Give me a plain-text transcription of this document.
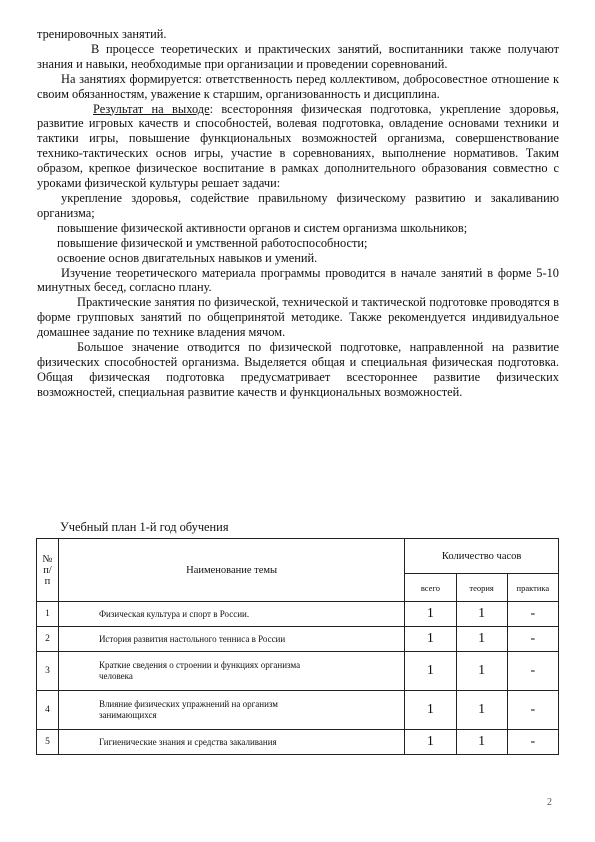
тренировочных занятий.

В процессе теоретических и практических занятий, воспитанники также получают знания и навыки, необходимые при организации и проведении соревнований.

На занятиях формируется: ответственность перед коллективом, добросовестное отношение к своим обязанностям, уважение к старшим, организованность и дисциплина.

Результат на выходе: всесторонняя физическая подготовка, укрепление здоровья, развитие игровых качеств и способностей, волевая подготовка, овладение основами техники и тактики игры, повышение функциональных возможностей организма, совершенствование технико-тактических основ игры, участие в соревнованиях, выполнение нормативов. Таким образом, крепкое физическое воспитание в рамках дополнительного образования совместно с уроками физической культуры решает задачи:

укрепление здоровья, содействие правильному физическому развитию и закаливанию организма;

повышение физической активности органов и систем организма школьников;

повышение физической и умственной работоспособности;

освоение основ двигательных навыков и умений.

Изучение теоретического материала программы проводится в начале занятий в форме 5-10 минутных бесед, согласно плану.

Практические занятия по физической, технической и тактической подготовке проводятся в форме групповых занятий по общепринятой методике. Также рекомендуется индивидуальное домашнее задание по технике владения мячом.

Большое значение отводится по физической подготовке, направленной на развитие физических способностей организма. Выделяется общая и специальная физическая подготовка. Общая физическая подготовка предусматривает всестороннее развитие физических возможностей, специальная развитие качеств и функциональных возможностей.

Учебный план 1-й год обучения
№ п/п	Наименование темы	Количество часов		
		всего	теория	практика
1	Физическая культура и спорт в России.	1	1	-
2	История развития настольного тенниса в России	1	1	-
3	Краткие сведения о строении и функциях организма
человека	1	1	-
4	Влияние физических упражнений на организм
занимающихся	1	1	-
5	Гигиенические знания и средства закаливания	1	1	-
2
